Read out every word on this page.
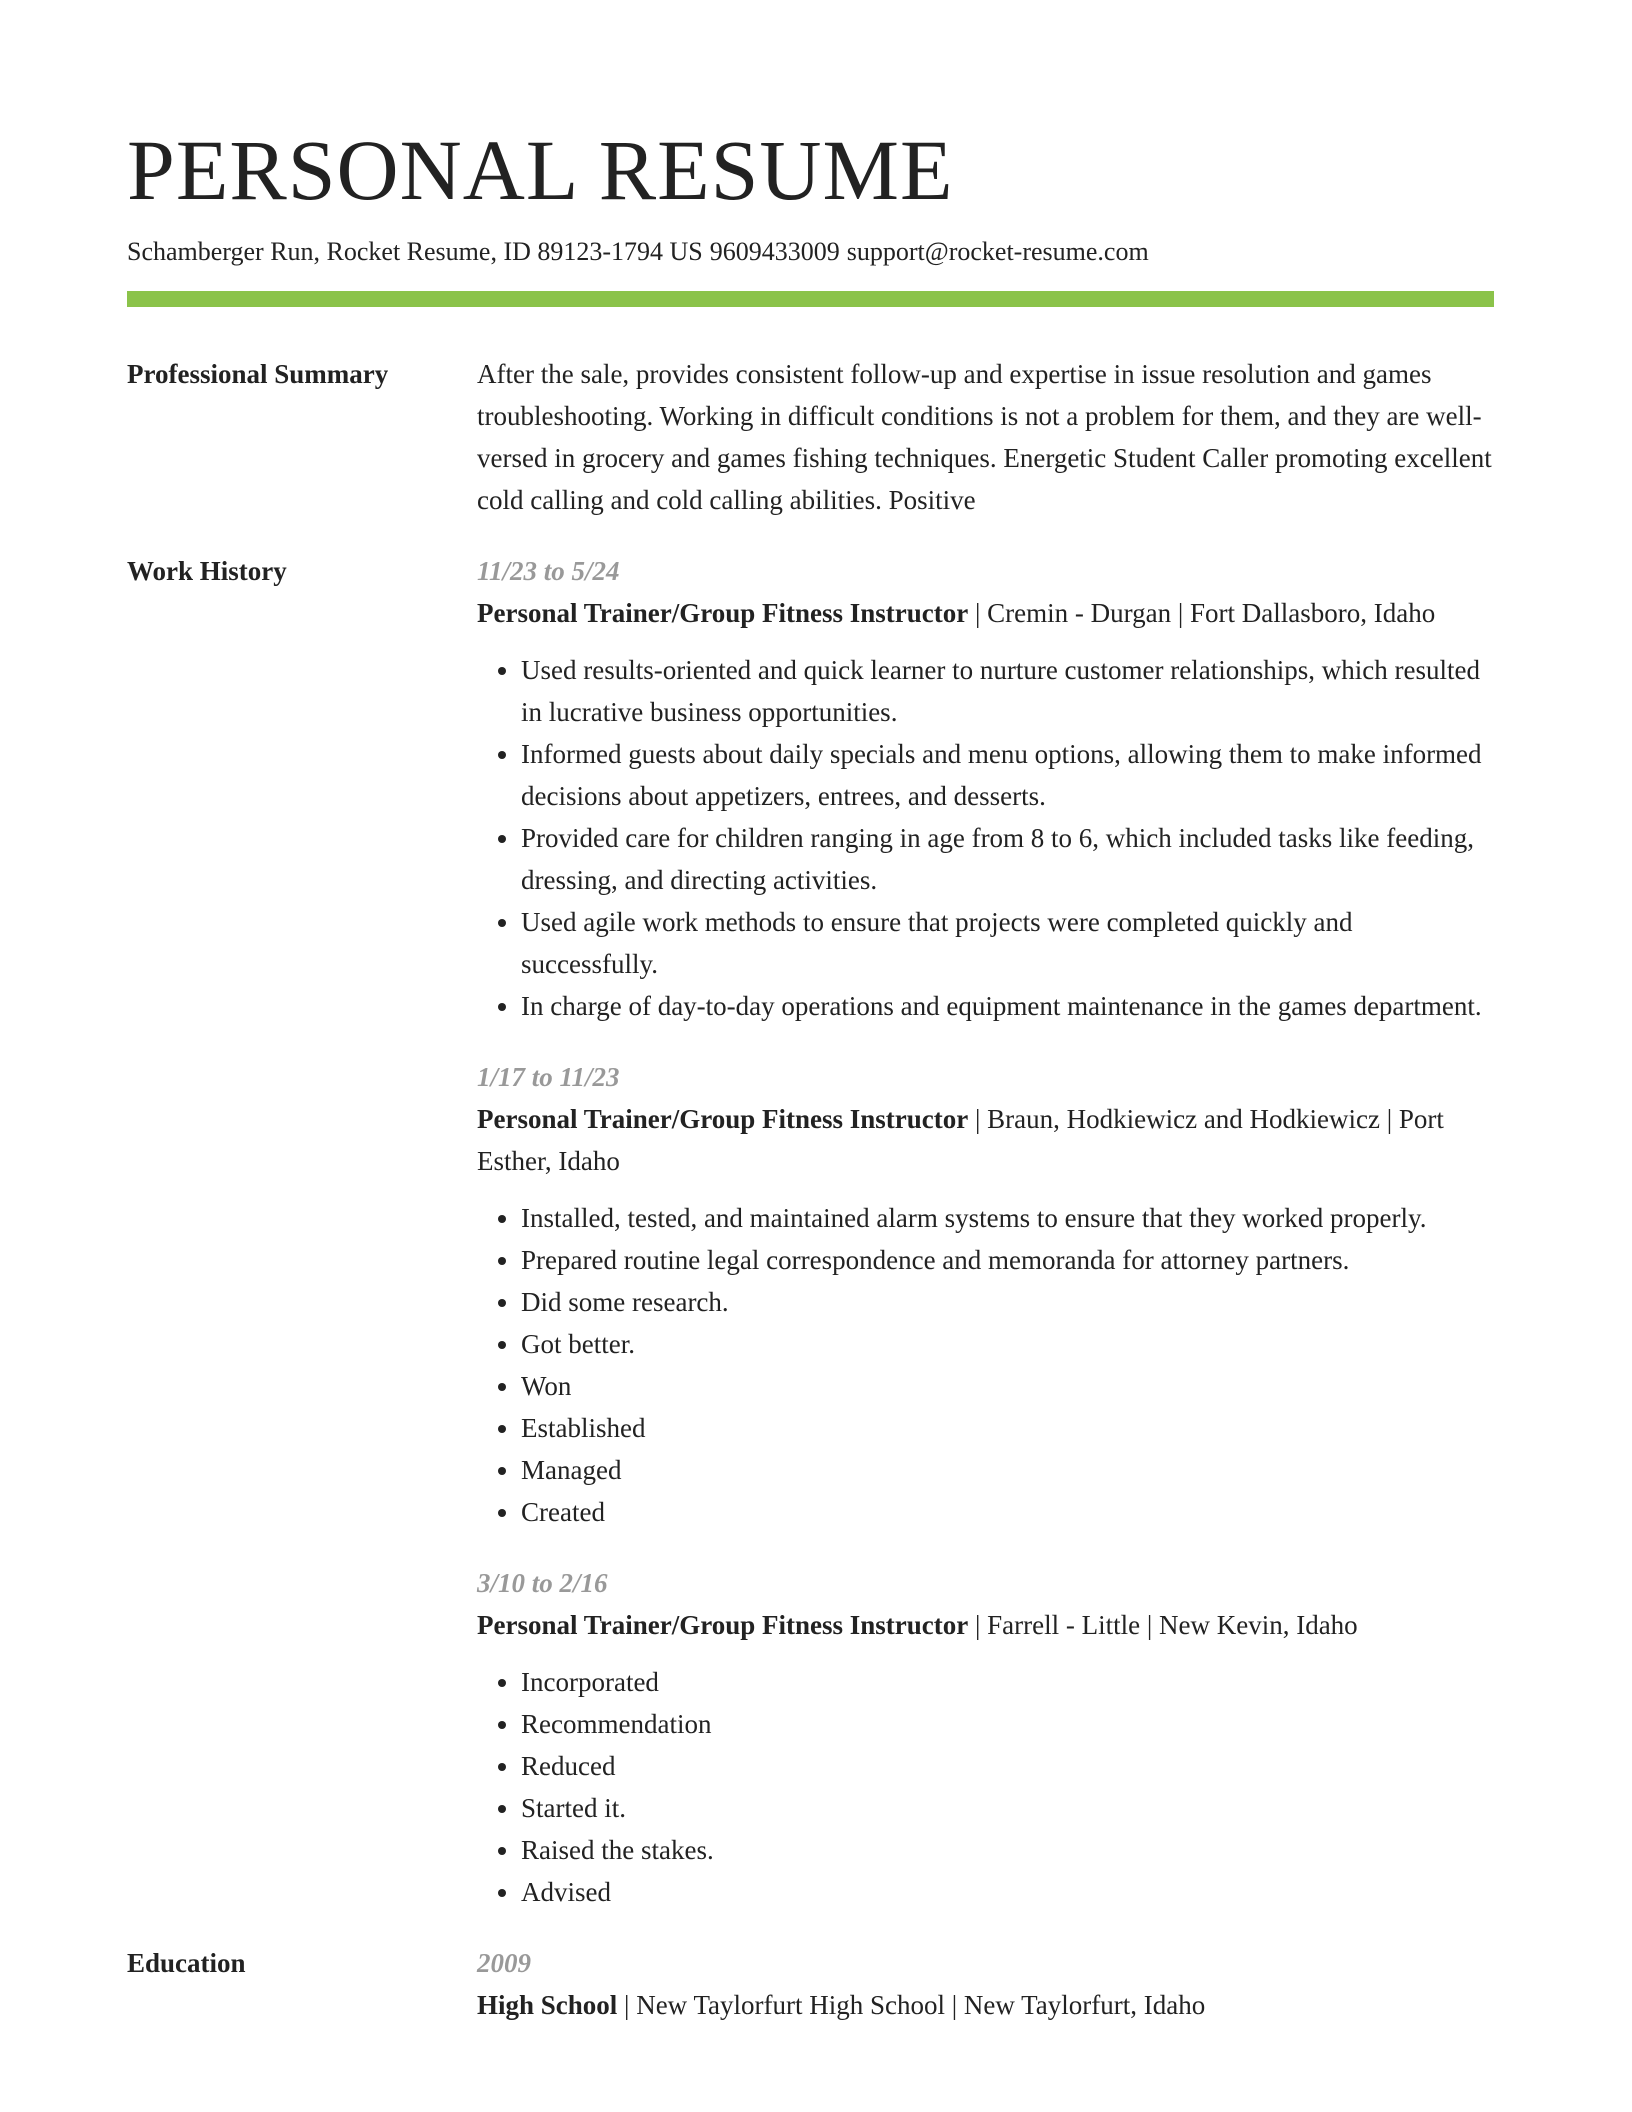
PERSONAL RESUME
Schamberger Run, Rocket Resume, ID 89123-1794 US 9609433009 support@rocket-resume.com
Professional Summary	After the sale, provides consistent follow-up and expertise in issue resolution and games troubleshooting. Working in difficult conditions is not a problem for them, and they are well-versed in grocery and games fishing techniques. Energetic Student Caller promoting excellent cold calling and cold calling abilities. Positive
Work History	11/23 to 5/24
Personal Trainer/Group Fitness Instructor | Cremin - Durgan | Fort Dallasboro, Idaho
• Used results-oriented and quick learner to nurture customer relationships, which resulted in lucrative business opportunities.
• Informed guests about daily specials and menu options, allowing them to make informed decisions about appetizers, entrees, and desserts.
• Provided care for children ranging in age from 8 to 6, which included tasks like feeding, dressing, and directing activities.
• Used agile work methods to ensure that projects were completed quickly and successfully.
• In charge of day-to-day operations and equipment maintenance in the games department.
1/17 to 11/23
Personal Trainer/Group Fitness Instructor | Braun, Hodkiewicz and Hodkiewicz | Port Esther, Idaho
• Installed, tested, and maintained alarm systems to ensure that they worked properly.
• Prepared routine legal correspondence and memoranda for attorney partners.
• Did some research.
• Got better.
• Won
• Established
• Managed
• Created
3/10 to 2/16
Personal Trainer/Group Fitness Instructor | Farrell - Little | New Kevin, Idaho
• Incorporated
• Recommendation
• Reduced
• Started it.
• Raised the stakes.
• Advised
Education	2009
High School | New Taylorfurt High School | New Taylorfurt, Idaho
